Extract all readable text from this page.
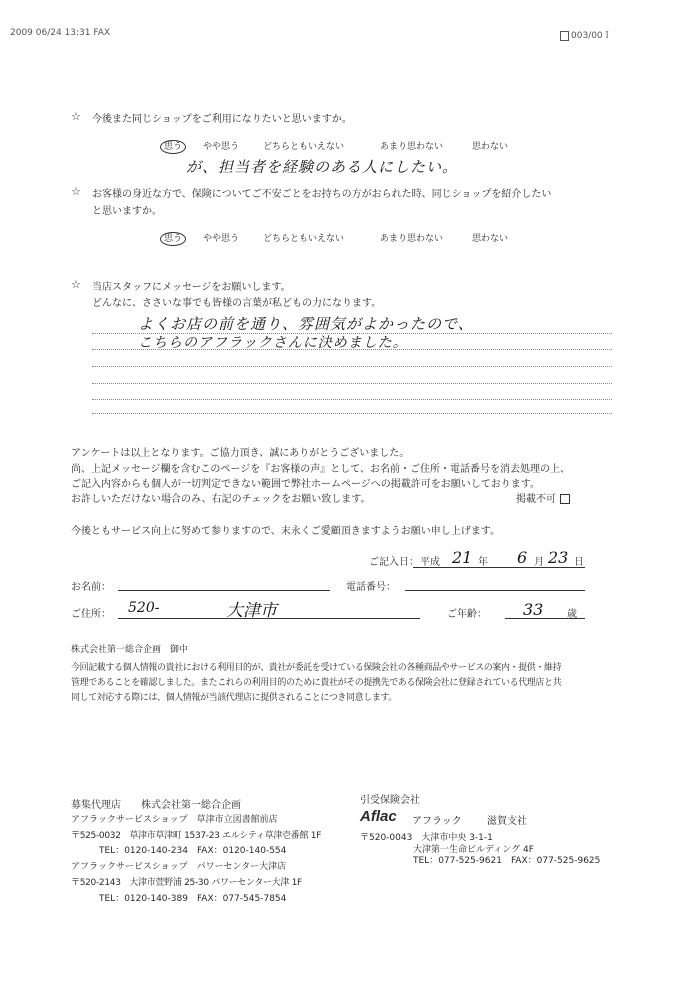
2009 06/24 13:31 FAX	003/00Ｉ
☆ 今後また同じショップをご利用になりたいと思いますか。
思う やや思う	どちらともいえない	あまり思わない	思わない
が、担当者を経験のある人にしたい。
☆ お客様の身近な方で、保険についてご不安ごとをお持ちの方がおられた時、同じショップを紹介したい
と思いますか。
思う やや思う	どちらともいえない	あまり思わない	思わない
☆ 当店スタッフにメッセージをお願いします。
どんなに、ささいな事でも皆様の言葉が私どもの力になります。
よくお店の前を通り、雰囲気がよかったので、
こちらのアフラックさんに決めました。
アンケートは以上となります。ご協力頂き、誠にありがとうございました。
尚、上記メッセージ欄を含むこのページを『お客様の声』として、お名前・ご住所・電話番号を消去処理の上、
ご記入内容からも個人が一切判定できない範囲で弊社ホームページへの掲載許可をお願いしております。
お許しいただけない場合のみ、右記のチェックをお願い致します。	掲載不可
今後ともサービス向上に努めて参りますので、末永くご愛顧頂きますようお願い申し上げます。
ご記入日： 平成 21 年 6 月 23 日
お名前：	電話番号：
ご住所： 520-	大津市	ご年齢： 33 歳
株式会社第一総合企画　御中
今回記載する個人情報の貴社における利用目的が、貴社が委託を受けている保険会社の各種商品やサービスの案内・提供・維持
管理であることを確認しました。またこれらの利用目的のために貴社がその提携先である保険会社に登録されている代理店と共
同して対応する際には、個人情報が当該代理店に提供されることにつき同意します。
募集代理店 株式会社第一総合企画
アフラックサービスショップ　草津市立図書館前店
〒525-0032　草津市草津町 1537-23 エルシティ草津壱番館 1F
TEL：0120-140-234　FAX：0120-140-554
アフラックサービスショップ　パワーセンター大津店
〒520-2143　大津市萱野浦 25-30 パワーセンター大津 1F
TEL：0120-140-389　FAX：077-545-7854
引受保険会社
Aflac アフラック	滋賀支社
〒520-0043　大津市中央 3-1-1
大津第一生命ビルディング 4F
TEL：077-525-9621　FAX：077-525-9625
